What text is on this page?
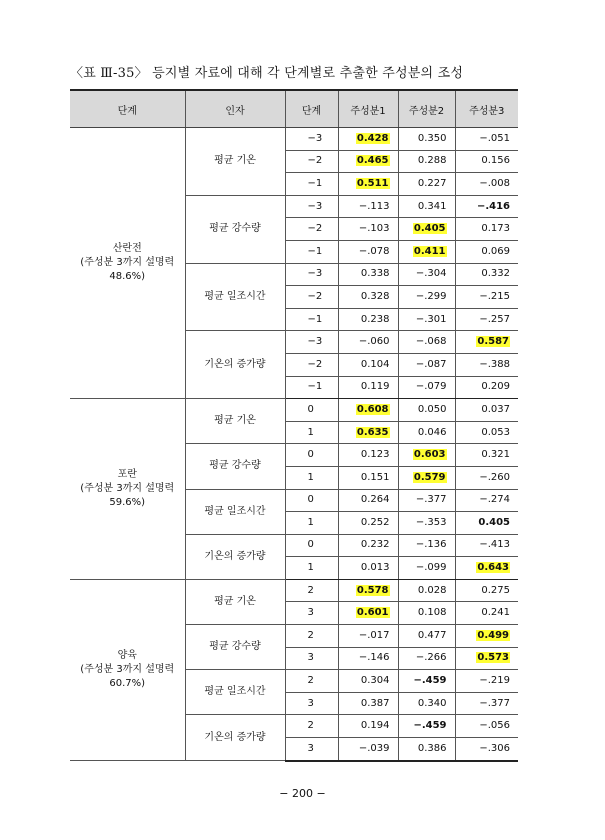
〈표 Ⅲ-35〉 등지별 자료에 대해 각 단계별로 추출한 주성분의 조성
단계	인자	단계	주성분1	주성분2	주성분3

산란전
(주성분 3까지 설명력
48.6%)	평균 기온	−3	0.428	0.350	−.051
		−2	0.465	0.288	0.156
		−1	0.511	0.227	−.008
	평균 강수량	−3	−.113	0.341	−.416
		−2	−.103	0.405	0.173
		−1	−.078	0.411	0.069
	평균 일조시간	−3	0.338	−.304	0.332
		−2	0.328	−.299	−.215
		−1	0.238	−.301	−.257
	기온의 증가량	−3	−.060	−.068	0.587
		−2	0.104	−.087	−.388
		−1	0.119	−.079	0.209

포란
(주성분 3까지 설명력
59.6%)	평균 기온	0	0.608	0.050	0.037
		1	0.635	0.046	0.053
	평균 강수량	0	0.123	0.603	0.321
		1	0.151	0.579	−.260
	평균 일조시간	0	0.264	−.377	−.274
		1	0.252	−.353	0.405
	기온의 증가량	0	0.232	−.136	−.413
		1	0.013	−.099	0.643

양육
(주성분 3까지 설명력
60.7%)	평균 기온	2	0.578	0.028	0.275
		3	0.601	0.108	0.241
	평균 강수량	2	−.017	0.477	0.499
		3	−.146	−.266	0.573
	평균 일조시간	2	0.304	−.459	−.219
		3	0.387	0.340	−.377
	기온의 증가량	2	0.194	−.459	−.056
		3	−.039	0.386	−.306
− 200 −
